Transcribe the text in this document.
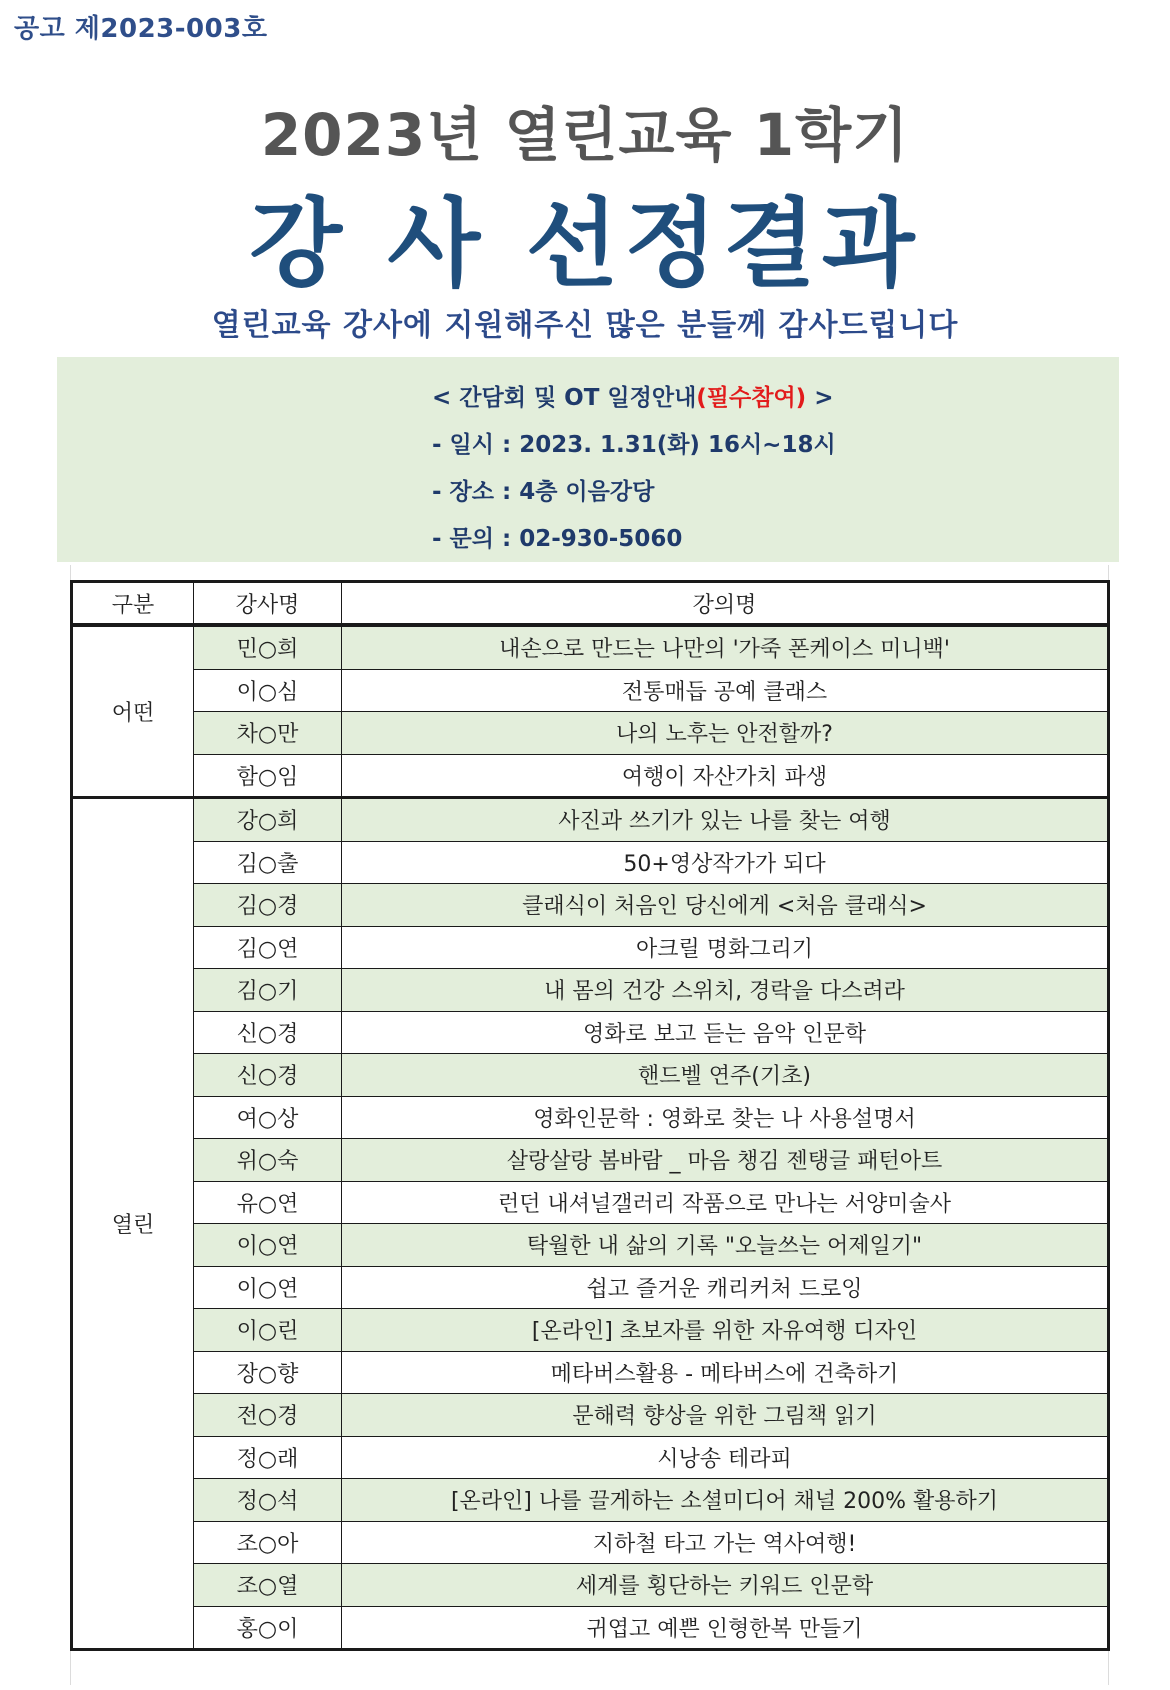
공고 제2023-003호
2023년 열린교육 1학기
강 사 선정결과
열린교육 강사에 지원해주신 많은 분들께 감사드립니다
< 간담회 및 OT 일정안내(필수참여) >
- 일시 : 2023. 1.31(화) 16시~18시
- 장소 : 4층 이음강당
- 문의 : 02-930-5060
구분	강사명	강의명
어떤	민○희	내손으로 만드는 나만의 '가죽 폰케이스 미니백'
	이○심	전통매듭 공예 클래스
	차○만	나의 노후는 안전할까?
	함○임	여행이 자산가치 파생
열린	강○희	사진과 쓰기가 있는 나를 찾는 여행
	김○출	50+영상작가가 되다
	김○경	클래식이 처음인 당신에게 <처음 클래식>
	김○연	아크릴 명화그리기
	김○기	내 몸의 건강 스위치, 경락을 다스려라
	신○경	영화로 보고 듣는 음악 인문학
	신○경	핸드벨 연주(기초)
	여○상	영화인문학 : 영화로 찾는 나 사용설명서
	위○숙	살랑살랑 봄바람 _ 마음 챙김 젠탱글 패턴아트
	유○연	런던 내셔널갤러리 작품으로 만나는 서양미술사
	이○연	탁월한 내 삶의 기록 "오늘쓰는 어제일기"
	이○연	쉽고 즐거운 캐리커처 드로잉
	이○린	[온라인] 초보자를 위한 자유여행 디자인
	장○향	메타버스활용 - 메타버스에 건축하기
	전○경	문해력 향상을 위한 그림책 읽기
	정○래	시낭송 테라피
	정○석	[온라인] 나를 끌게하는 소셜미디어 채널 200% 활용하기
	조○아	지하철 타고 가는 역사여행!
	조○열	세계를 횡단하는 키워드 인문학
	홍○이	귀엽고 예쁜 인형한복 만들기
